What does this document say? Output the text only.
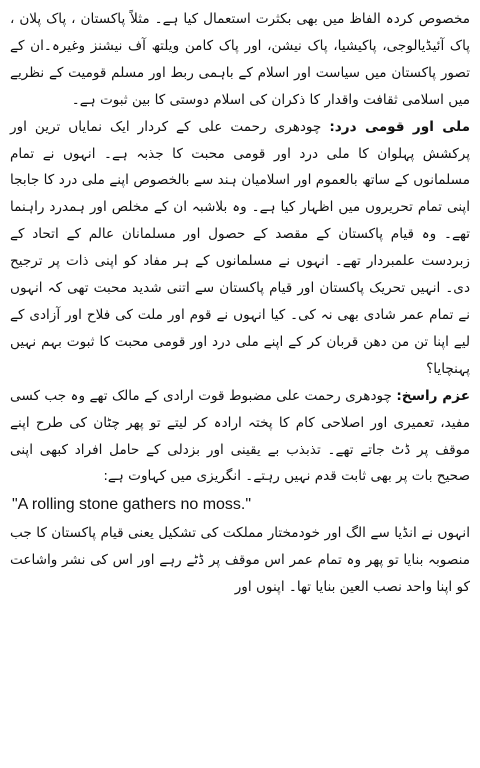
مخصوص کردہ الفاظ میں بھی بکثرت استعمال کیا ہے۔ مثلاً پاکستان ، پاک پلان ، پاک آئیڈیالوجی، پاکیشیا، پاک نیشن، اور پاک کامن ویلتھ آف نیشنز وغیرہ۔ان کے تصور پاکستان میں سیاست اور اسلام کے باہمی ربط اور مسلم قومیت کے نظریے میں اسلامی ثقافت واقدار کا ذکران کی اسلام دوستی کا بین ثبوت ہے۔

ملی اور قومی درد: چودھری رحمت علی کے کردار ایک نمایاں ترین اور پرکشش پہلوان کا ملی درد اور قومی محبت کا جذبہ ہے۔ انہوں نے تمام مسلمانوں کے ساتھ بالعموم اور اسلامیان ہند سے بالخصوص اپنے ملی درد کا جابجا اپنی تمام تحریروں میں اظہار کیا ہے۔ وہ بلاشبہ ان کے مخلص اور ہمدرد راہنما تھے۔ وہ قیام پاکستان کے مقصد کے حصول اور مسلمانان عالم کے اتحاد کے زبردست علمبردار تھے۔ انہوں نے مسلمانوں کے ہر مفاد کو اپنی ذات پر ترجیح دی۔ انہیں تحریک پاکستان اور قیام پاکستان سے اتنی شدید محبت تھی کہ انہوں نے تمام عمر شادی بھی نہ کی۔ کیا انہوں نے قوم اور ملت کی فلاح اور آزادی کے لیے اپنا تن من دھن قربان کر کے اپنے ملی درد اور قومی محبت کا ثبوت بہم نہیں پہنچایا؟

عزم راسخ: چودھری رحمت علی مضبوط قوت ارادی کے مالک تھے وہ جب کسی مفید، تعمیری اور اصلاحی کام کا پختہ ارادہ کر لیتے تو پھر چٹان کی طرح اپنے موقف پر ڈٹ جاتے تھے۔ تذبذب بے یقینی اور بزدلی کے حامل افراد کبھی اپنی صحیح بات پر بھی ثابت قدم نہیں رہتے۔ انگریزی میں کہاوت ہے:

"A rolling stone gathers no moss."

انہوں نے انڈیا سے الگ اور خودمختار مملکت کی تشکیل یعنی قیام پاکستان کا جب منصوبہ بنایا تو پھر وہ تمام عمر اس موقف پر ڈٹے رہے اور اس کی نشر واشاعت کو اپنا واحد نصب العین بنایا تھا۔ اپنوں اور
